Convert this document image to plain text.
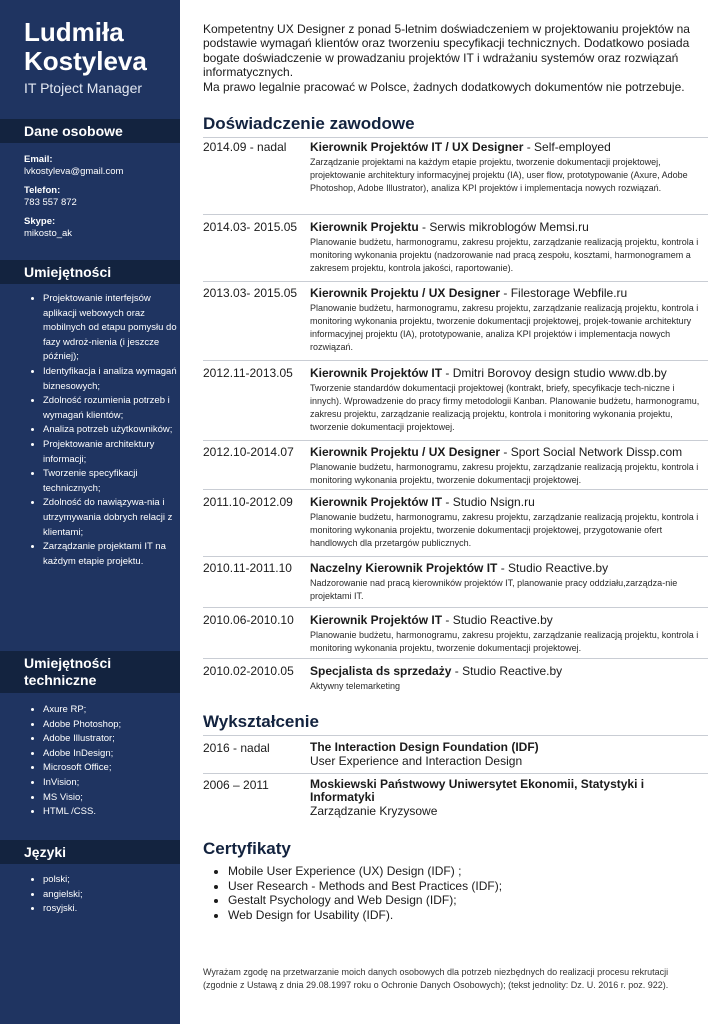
Ludmiła
Kostyleva
IT Ptoject Manager
Dane osobowe
Email:
lvkostyleva@gmail.com
Telefon:
783 557 872
Skype:
mikosto_ak
Umiejętności
• Projektowanie interfejsów aplikacji webowych oraz mobilnych od etapu pomysłu do fazy wdroż-nienia (i jeszcze później);
• Identyfikacja i analiza wymagań biznesowych;
• Zdolność rozumienia potrzeb i wymagań klientów;
• Analiza potrzeb użytkowników;
• Projektowanie architektury informacji;
• Tworzenie specyfikacji technicznych;
• Zdolność do nawiązywa-nia i utrzymywania dobrych relacji z klientami;
• Zarządzanie projektami IT na każdym etapie projektu.
Umiejętności
techniczne
• Axure RP;
• Adobe Photoshop;
• Adobe Illustrator;
• Adobe InDesign;
• Microsoft Office;
• InVision;
• MS Visio;
• HTML /CSS.
Języki
• polski;
• angielski;
• rosyjski.
Kompetentny UX Designer z ponad 5-letnim doświadczeniem w projektowaniu projektów na podstawie wymagań klientów oraz tworzeniu specyfikacji technicznych. Dodatkowo posiada bogate doświadczenie w prowadzaniu projektów IT i wdrażaniu systemów oraz rozwiązań informatycznych.
Ma prawo legalnie pracować w Polsce, żadnych dodatkowych dokumentów nie potrzebuje.
Doświadczenie zawodowe
2014.09 - nadal	Kierownik Projektów IT / UX Designer - Self-employed
Zarządzanie projektami na każdym etapie projektu, tworzenie dokumentacji projektowej, projektowanie architektury informacyjnej projektu (IA), user flow, prototypowanie (Axure, Adobe Photoshop, Adobe Illustrator), analiza KPI projektów i implementacja nowych rozwiązań.
2014.03- 2015.05	Kierownik Projektu - Serwis mikroblogów Memsi.ru
Planowanie budżetu, harmonogramu, zakresu projektu, zarządzanie realizacją projektu, kontrola i monitoring wykonania projektu (nadzorowanie nad pracą zespołu, kosztami, harmonogramem a zakresem projektu, kontrola jakości, raportowanie).
2013.03- 2015.05	Kierownik Projektu / UX Designer - Filestorage Webfile.ru
Planowanie budżetu, harmonogramu, zakresu projektu, zarządzanie realizacją projektu, kontrola i monitoring wykonania projektu, tworzenie dokumentacji projektowej, projek-towanie architektury informacyjnej projektu (IA), prototypowanie, analiza KPI projektów i implementacja nowych rozwiązań.
2012.11-2013.05	Kierownik Projektów IT - Dmitri Borovoy design studio www.db.by
Tworzenie standardów dokumentacji projektowej (kontrakt, briefy, specyfikacje tech-niczne i innych). Wprowadzenie do pracy firmy metodologii Kanban. Planowanie budżetu, harmonogramu, zakresu projektu, zarządzanie realizacją projektu, kontrola i monitoring wykonania projektu, tworzenie dokumentacji projektowej.
2012.10-2014.07	Kierownik Projektu / UX Designer - Sport Social Network Dissp.com
Planowanie budżetu, harmonogramu, zakresu projektu, zarządzanie realizacją projektu, kontrola i monitoring wykonania projektu, tworzenie dokumentacji projektowej.
2011.10-2012.09	Kierownik Projektów IT - Studio Nsign.ru
Planowanie budżetu, harmonogramu, zakresu projektu, zarządzanie realizacją projektu, kontrola i monitoring wykonania projektu, tworzenie dokumentacji projektowej, przygotowanie ofert handlowych dla przetargów publicznych.
2010.11-2011.10	Naczelny Kierownik Projektów IT - Studio Reactive.by
Nadzorowanie nad pracą kierowników projektów IT, planowanie pracy oddziału,zarządza-nie projektami IT.
2010.06-2010.10	Kierownik Projektów IT - Studio Reactive.by
Planowanie budżetu, harmonogramu, zakresu projektu, zarządzanie realizacją projektu, kontrola i monitoring wykonania projektu, tworzenie dokumentacji projektowej.
2010.02-2010.05	Specjalista ds sprzedaży - Studio Reactive.by
Aktywny telemarketing
Wykształcenie
2016 - nadal	The Interaction Design Foundation (IDF)
User Experience and Interaction Design
2006 – 2011	Moskiewski Państwowy Uniwersytet Ekonomii, Statystyki i Informatyki
Zarządzanie Kryzysowe
Certyfikaty
• Mobile User Experience (UX) Design (IDF) ;
• User Research - Methods and Best Practices (IDF);
• Gestalt Psychology and Web Design (IDF);
• Web Design for Usability (IDF).

Wyrażam zgodę na przetwarzanie moich danych osobowych dla potrzeb niezbędnych do realizacji procesu rekrutacji (zgodnie z Ustawą z dnia 29.08.1997 roku o Ochronie Danych Osobowych); (tekst jednolity: Dz. U. 2016 r. poz. 922).
